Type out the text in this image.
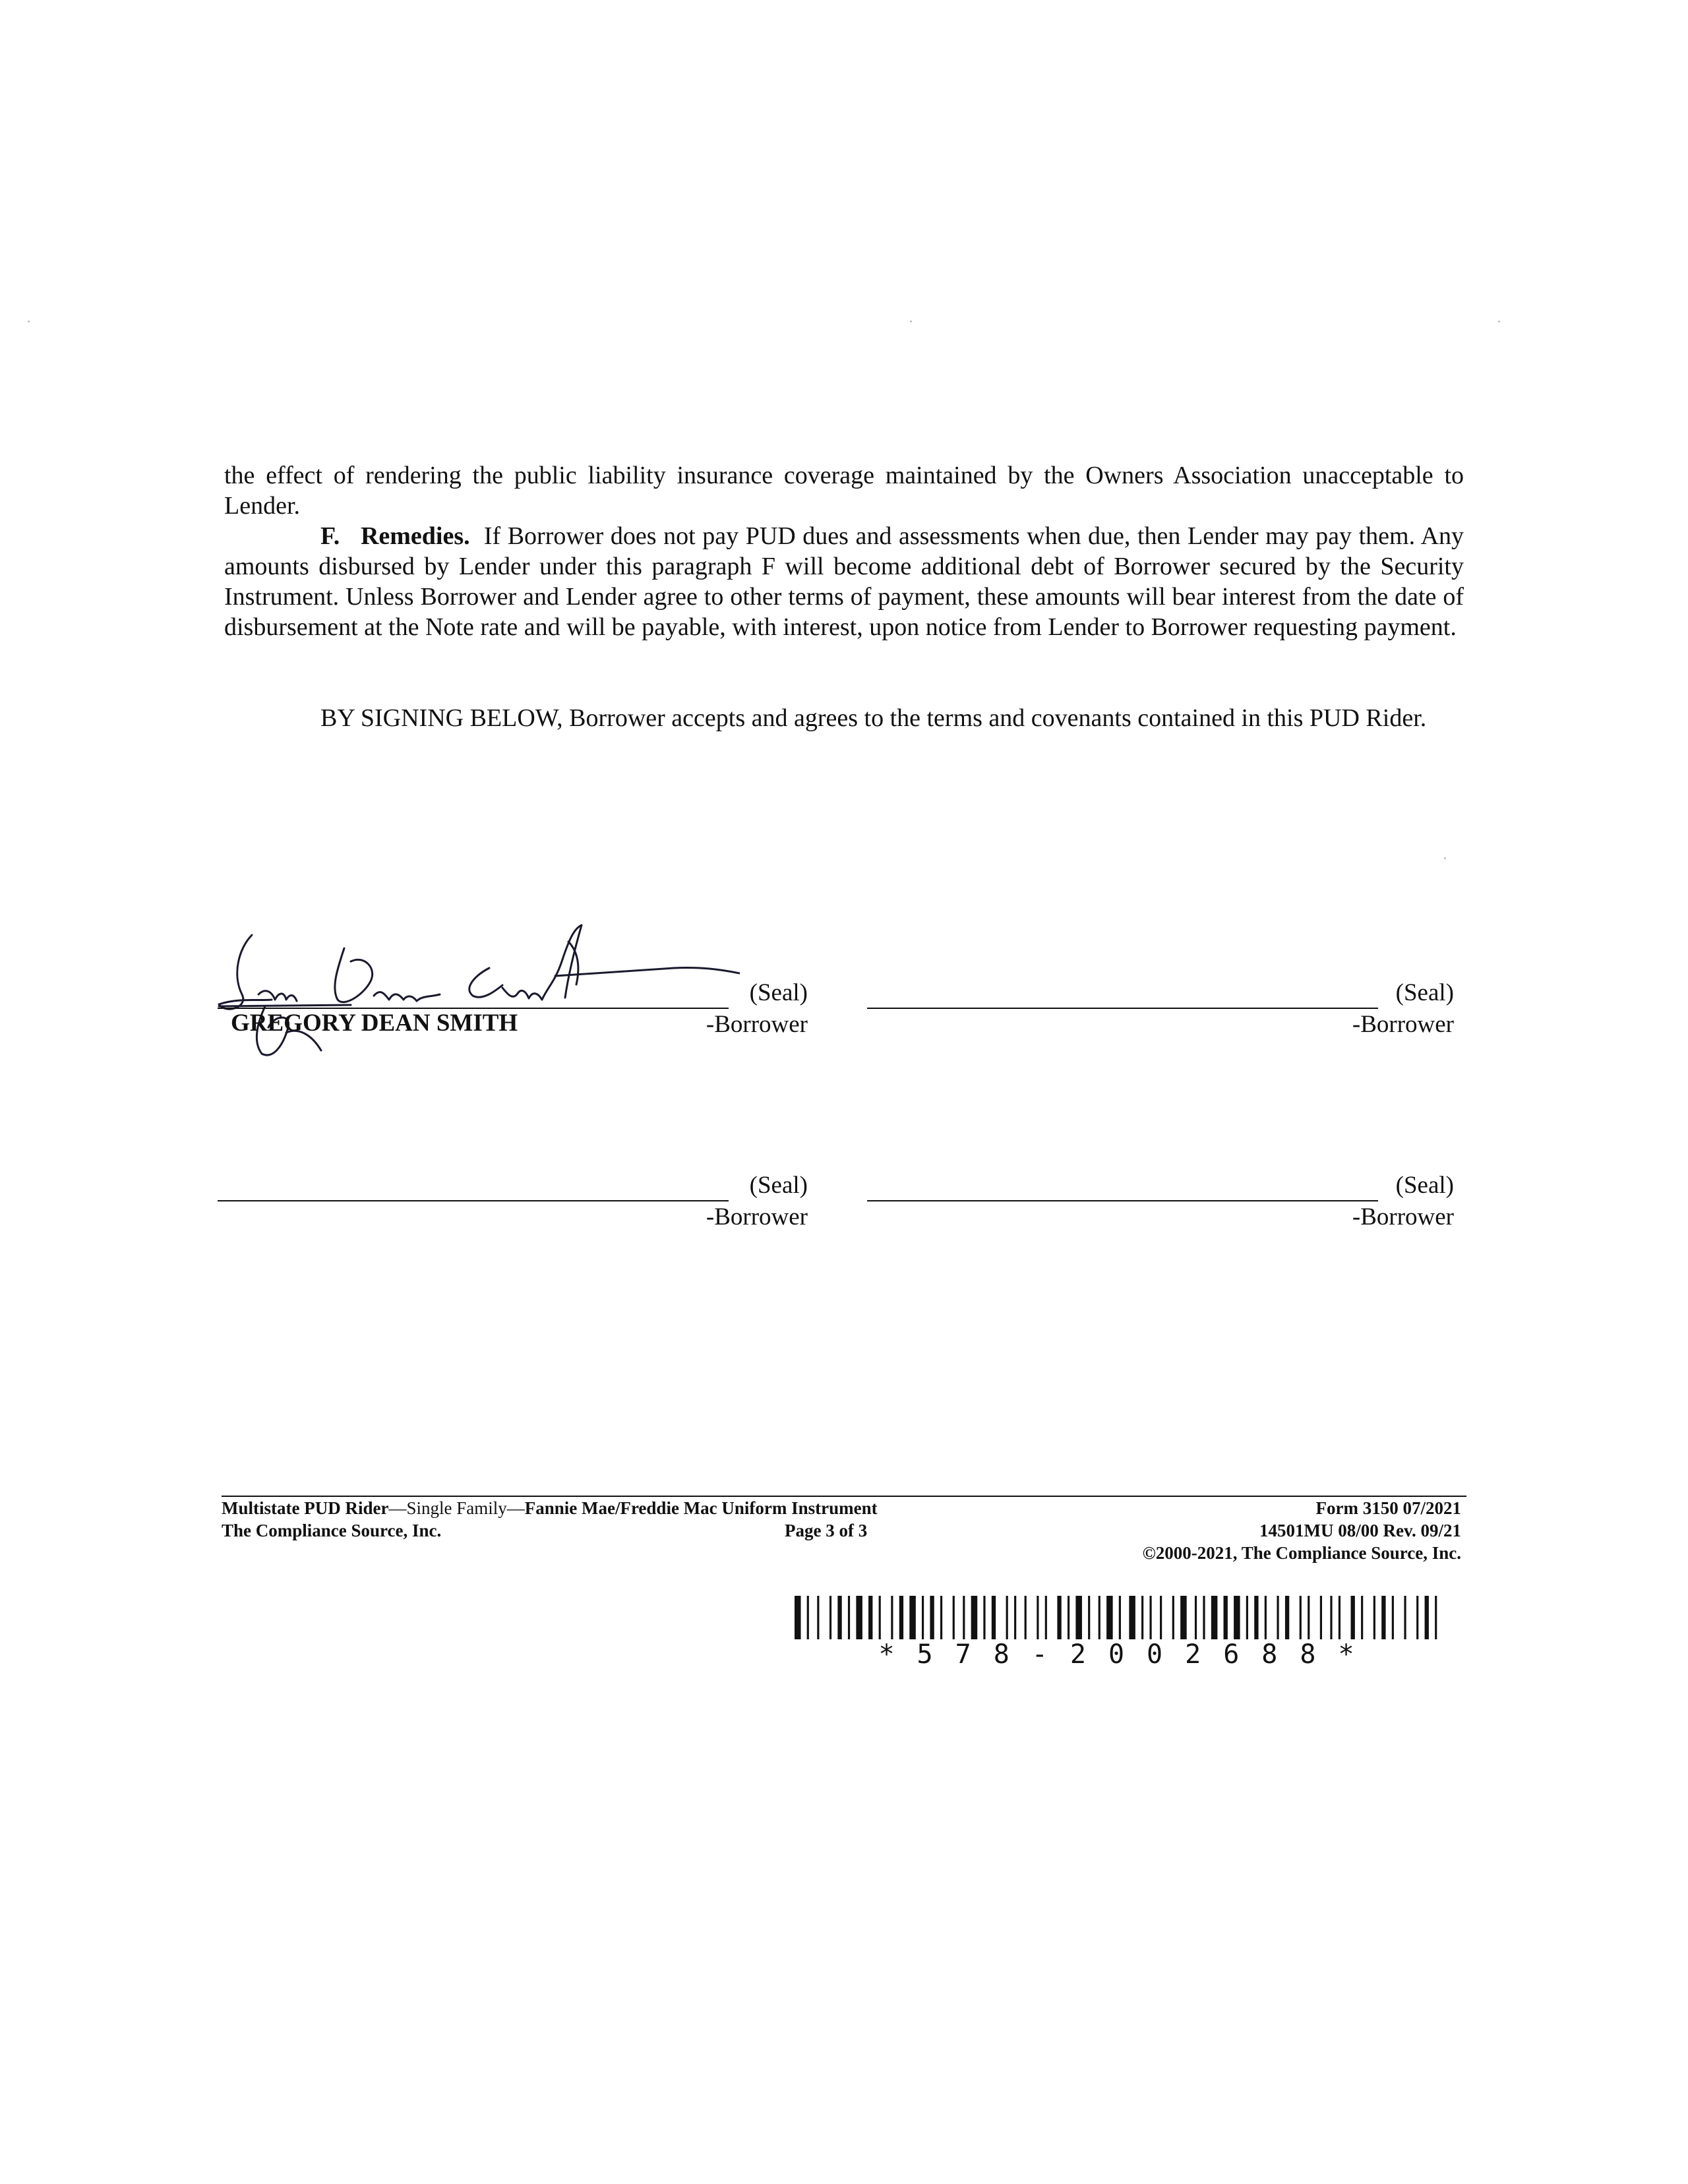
the effect of rendering the public liability insurance coverage maintained by the Owners Association unacceptable to Lender.
F. Remedies. If Borrower does not pay PUD dues and assessments when due, then Lender may pay them. Any amounts disbursed by Lender under this paragraph F will become additional debt of Borrower secured by the Security Instrument. Unless Borrower and Lender agree to other terms of payment, these amounts will bear interest from the date of disbursement at the Note rate and will be payable, with interest, upon notice from Lender to Borrower requesting payment.
BY SIGNING BELOW, Borrower accepts and agrees to the terms and covenants contained in this PUD Rider.
(Seal)
GREGORY DEAN SMITH	-Borrower
(Seal)
-Borrower
(Seal)
-Borrower
(Seal)
-Borrower
Multistate PUD Rider—Single Family—Fannie Mae/Freddie Mac Uniform Instrument
The Compliance Source, Inc.	Page 3 of 3
Form 3150 07/2021
14501MU 08/00 Rev. 09/21
©2000-2021, The Compliance Source, Inc.
*578-2002688*
